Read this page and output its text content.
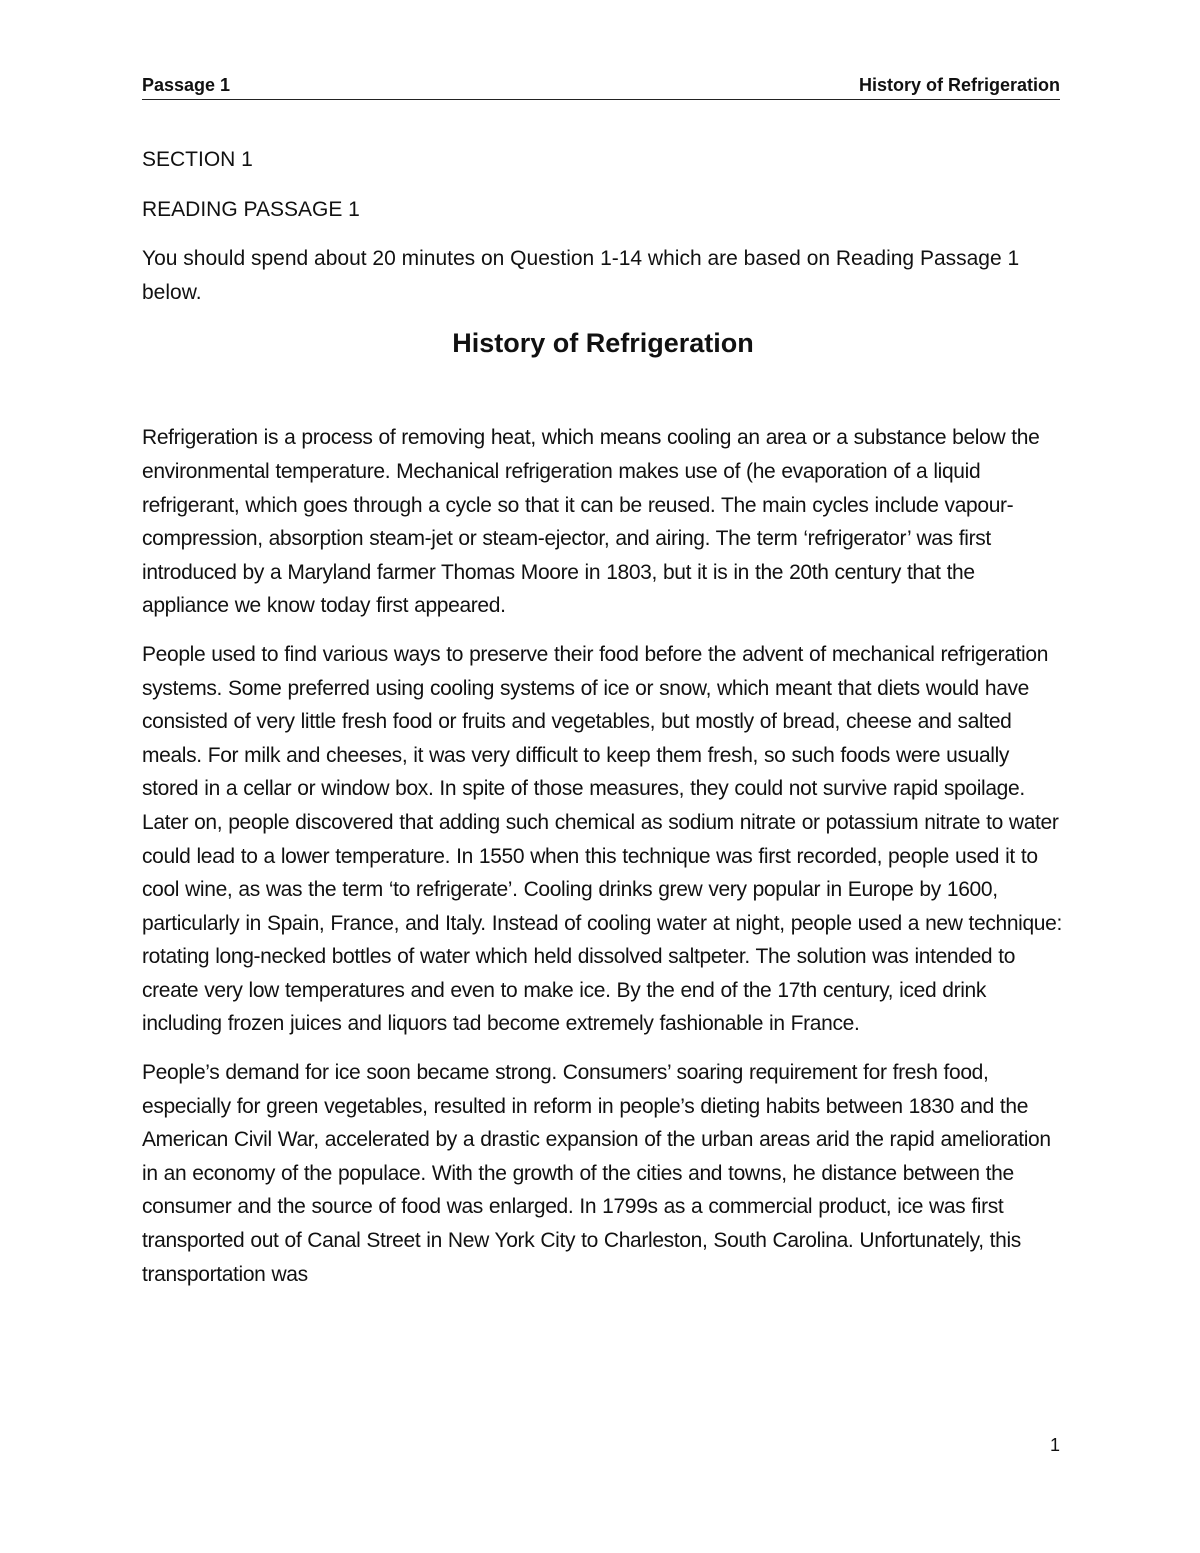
Passage 1	History of Refrigeration

SECTION 1

READING PASSAGE 1

You should spend about 20 minutes on Question 1-14 which are based on Reading Passage 1 below.

History of Refrigeration

Refrigeration is a process of removing heat, which means cooling an area or a substance below the environmental temperature. Mechanical refrigeration makes use of (he evaporation of a liquid refrigerant, which goes through a cycle so that it can be reused. The main cycles include vapour-compression, absorption steam-jet or steam-ejector, and airing. The term ‘refrigerator’ was first introduced by a Maryland farmer Thomas Moore in 1803, but it is in the 20th century that the appliance we know today first appeared.

People used to find various ways to preserve their food before the advent of mechanical refrigeration systems. Some preferred using cooling systems of ice or snow, which meant that diets would have consisted of very little fresh food or fruits and vegetables, but mostly of bread, cheese and salted meals. For milk and cheeses, it was very difficult to keep them fresh, so such foods were usually stored in a cellar or window box. In spite of those measures, they could not survive rapid spoilage. Later on, people discovered that adding such chemical as sodium nitrate or potassium nitrate to water could lead to a lower temperature. In 1550 when this technique was first recorded, people used it to cool wine, as was the term ‘to refrigerate’. Cooling drinks grew very popular in Europe by 1600, particularly in Spain, France, and Italy. Instead of cooling water at night, people used a new technique: rotating long-necked bottles of water which held dissolved saltpeter. The solution was intended to create very low temperatures and even to make ice. By the end of the 17th century, iced drink including frozen juices and liquors tad become extremely fashionable in France.

People’s demand for ice soon became strong. Consumers’ soaring requirement for fresh food, especially for green vegetables, resulted in reform in people’s dieting habits between 1830 and the American Civil War, accelerated by a drastic expansion of the urban areas arid the rapid amelioration in an economy of the populace. With the growth of the cities and towns, he distance between the consumer and the source of food was enlarged. In 1799s as a commercial product, ice was first transported out of Canal Street in New York City to Charleston, South Carolina. Unfortunately, this transportation was

1
